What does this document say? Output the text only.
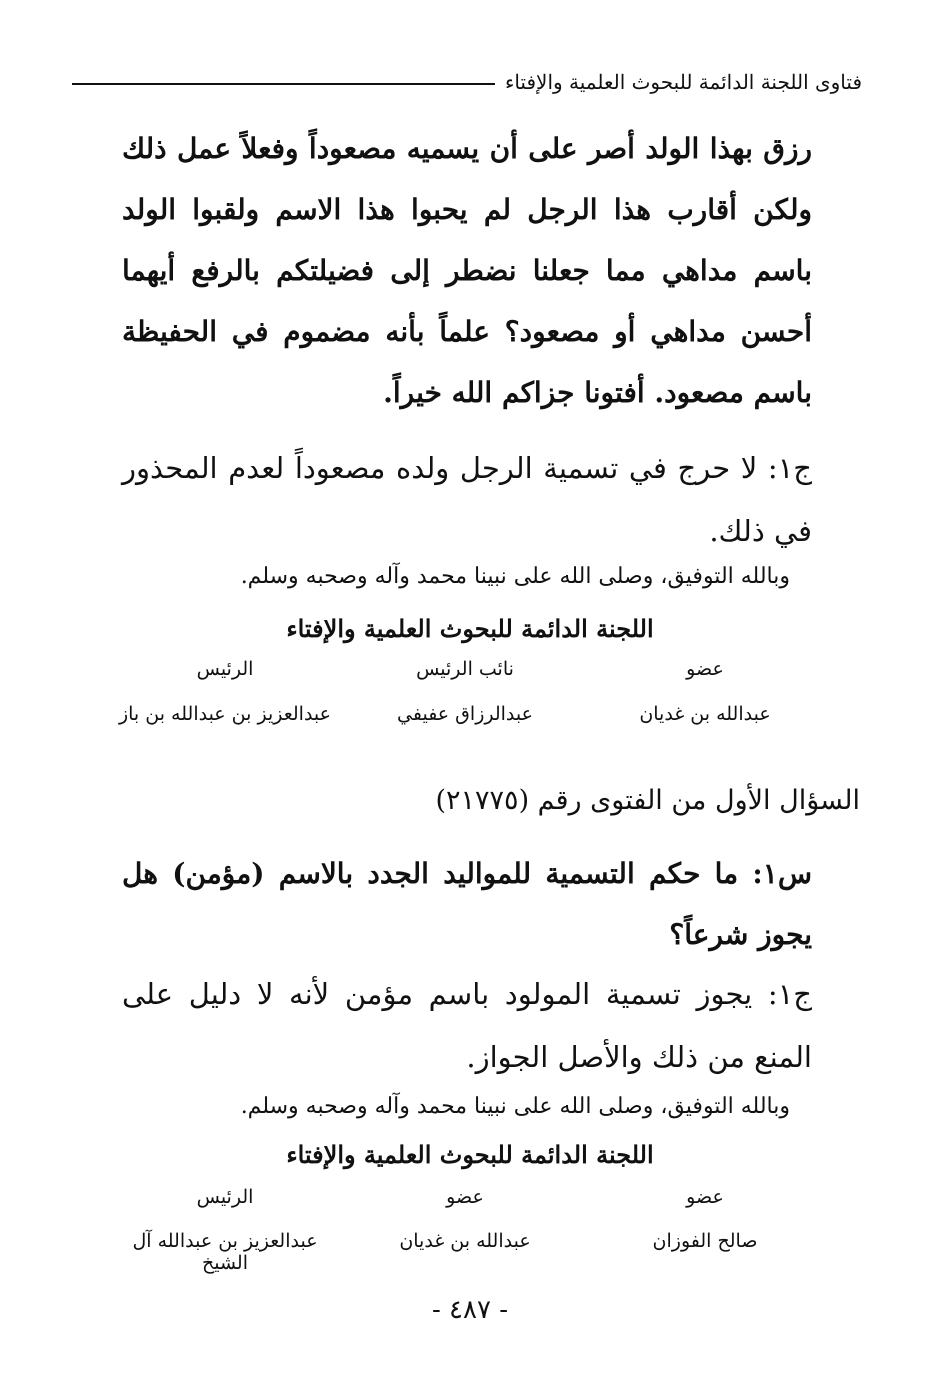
فتاوى اللجنة الدائمة للبحوث العلمية والإفتاء

رزق بهذا الولد أصر على أن يسميه مصعوداً وفعلاً عمل ذلك ولكن أقارب هذا الرجل لم يحبوا هذا الاسم ولقبوا الولد باسم مداهي مما جعلنا نضطر إلى فضيلتكم بالرفع أيهما أحسن مداهي أو مصعود؟ علماً بأنه مضموم في الحفيظة باسم مصعود. أفتونا جزاكم الله خيراً.

ج١: لا حرج في تسمية الرجل ولده مصعوداً لعدم المحذور في ذلك.

وبالله التوفيق، وصلى الله على نبينا محمد وآله وصحبه وسلم.
اللجنة الدائمة للبحوث العلمية والإفتاء
عضو
نائب الرئيس
الرئيس
عبدالله بن غديان
عبدالرزاق عفيفي
عبدالعزيز بن عبدالله بن باز
السؤال الأول من الفتوى رقم (٢١٧٧٥)

س١: ما حكم التسمية للمواليد الجدد بالاسم (مؤمن) هل يجوز شرعاً؟

ج١: يجوز تسمية المولود باسم مؤمن لأنه لا دليل على المنع من ذلك والأصل الجواز.

وبالله التوفيق، وصلى الله على نبينا محمد وآله وصحبه وسلم.
اللجنة الدائمة للبحوث العلمية والإفتاء
عضو
عضو
الرئيس
صالح الفوزان
عبدالله بن غديان
عبدالعزيز بن عبدالله آل الشيخ
- ٤٨٧ -
